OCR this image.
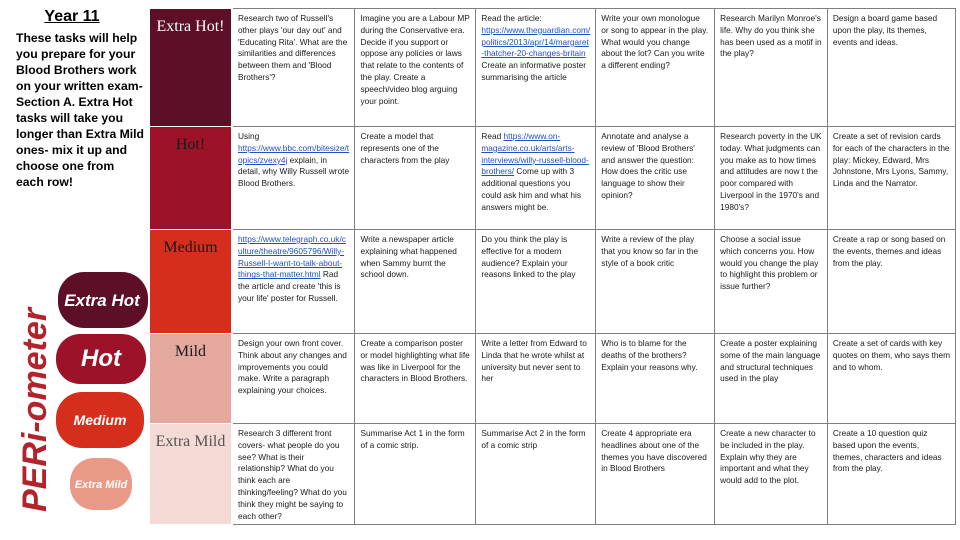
Year 11
These tasks will help you prepare for your Blood Brothers work on your written exam- Section A. Extra Hot tasks will take you longer than Extra Mild ones- mix it up and choose one from each row!
PERi-ometer
Extra Hot
Hot
Medium
Extra Mild
Extra Hot!	Research two of Russell's other plays 'our day out' and 'Educating Rita'. What are the similarities and differences between them and 'Blood Brothers'?	Imagine you are a Labour MP during the Conservative era. Decide if you support or oppose any policies or laws that relate to the contents of the play. Create a speech/video blog arguing your point.	Read the article: https://www.theguardian.com/politics/2013/apr/14/margaret-thatcher-20-changes-britain Create an informative poster summarising the article	Write your own monologue or song to appear in the play. What would you change about the lot? Can you write a different ending?	Research Marilyn Monroe's life. Why do you think she has been used as a motif in the play?	Design a board game based upon the play, its themes, events and ideas.
Hot!	Using https://www.bbc.com/bitesize/topics/zvexy4j explain, in detail, why Willy Russell wrote Blood Brothers.	Create a model that represents one of the characters from the play	Read https://www.on-magazine.co.uk/arts/arts-interviews/willy-russell-blood-brothers/ Come up with 3 additional questions you could ask him and what his answers might be.	Annotate and analyse a review of 'Blood Brothers' and answer the question: How does the critic use language to show their opinion?	Research poverty in the UK today. What judgments can you make as to how times and attitudes are now t the poor compared with Liverpool in the 1970's and 1980's?	Create a set of revision cards for each of the characters in the play: Mickey, Edward, Mrs Johnstone, Mrs Lyons, Sammy, Linda and the Narrator.
Medium	https://www.telegraph.co.uk/culture/theatre/9605796/Willy-Russell-I-want-to-talk-about-things-that-matter.html Rad the article and create 'this is your life' poster for Russell.	Write a newspaper article explaining what happened when Sammy burnt the school down.	Do you think the play is effective for a modern audience? Explain your reasons linked to the play	Write a review of the play that you know so far in the style of a book critic	Choose a social issue which concerns you. How would you change the play to highlight this problem or issue further?	Create a rap or song based on the events, themes and ideas from the play.
Mild	Design your own front cover. Think about any changes and improvements you could make. Write a paragraph explaining your choices.	Create a comparison poster or model highlighting what life was like in Liverpool for the characters in Blood Brothers.	Write a letter from Edward to Linda that he wrote whilst at university but never sent to her	Who is to blame for the deaths of the brothers? Explain your reasons why.	Create a poster explaining some of the main language and structural techniques used in the play	Create a set of cards with key quotes on them, who says them and to whom.
Extra Mild	Research 3 different front covers- what people do you see? What is their relationship? What do you think each are thinking/feeling? What do you think they might be saying to each other?	Summarise Act 1 in the form of a comic strip.	Summarise Act 2 in the form of a comic strip	Create 4 appropriate era headlines about one of the themes you have discovered in Blood Brothers	Create a new character to be included in the play. Explain why they are important and what they would add to the plot.	Create a 10 question quiz based upon the events, themes, characters and ideas from the play.
